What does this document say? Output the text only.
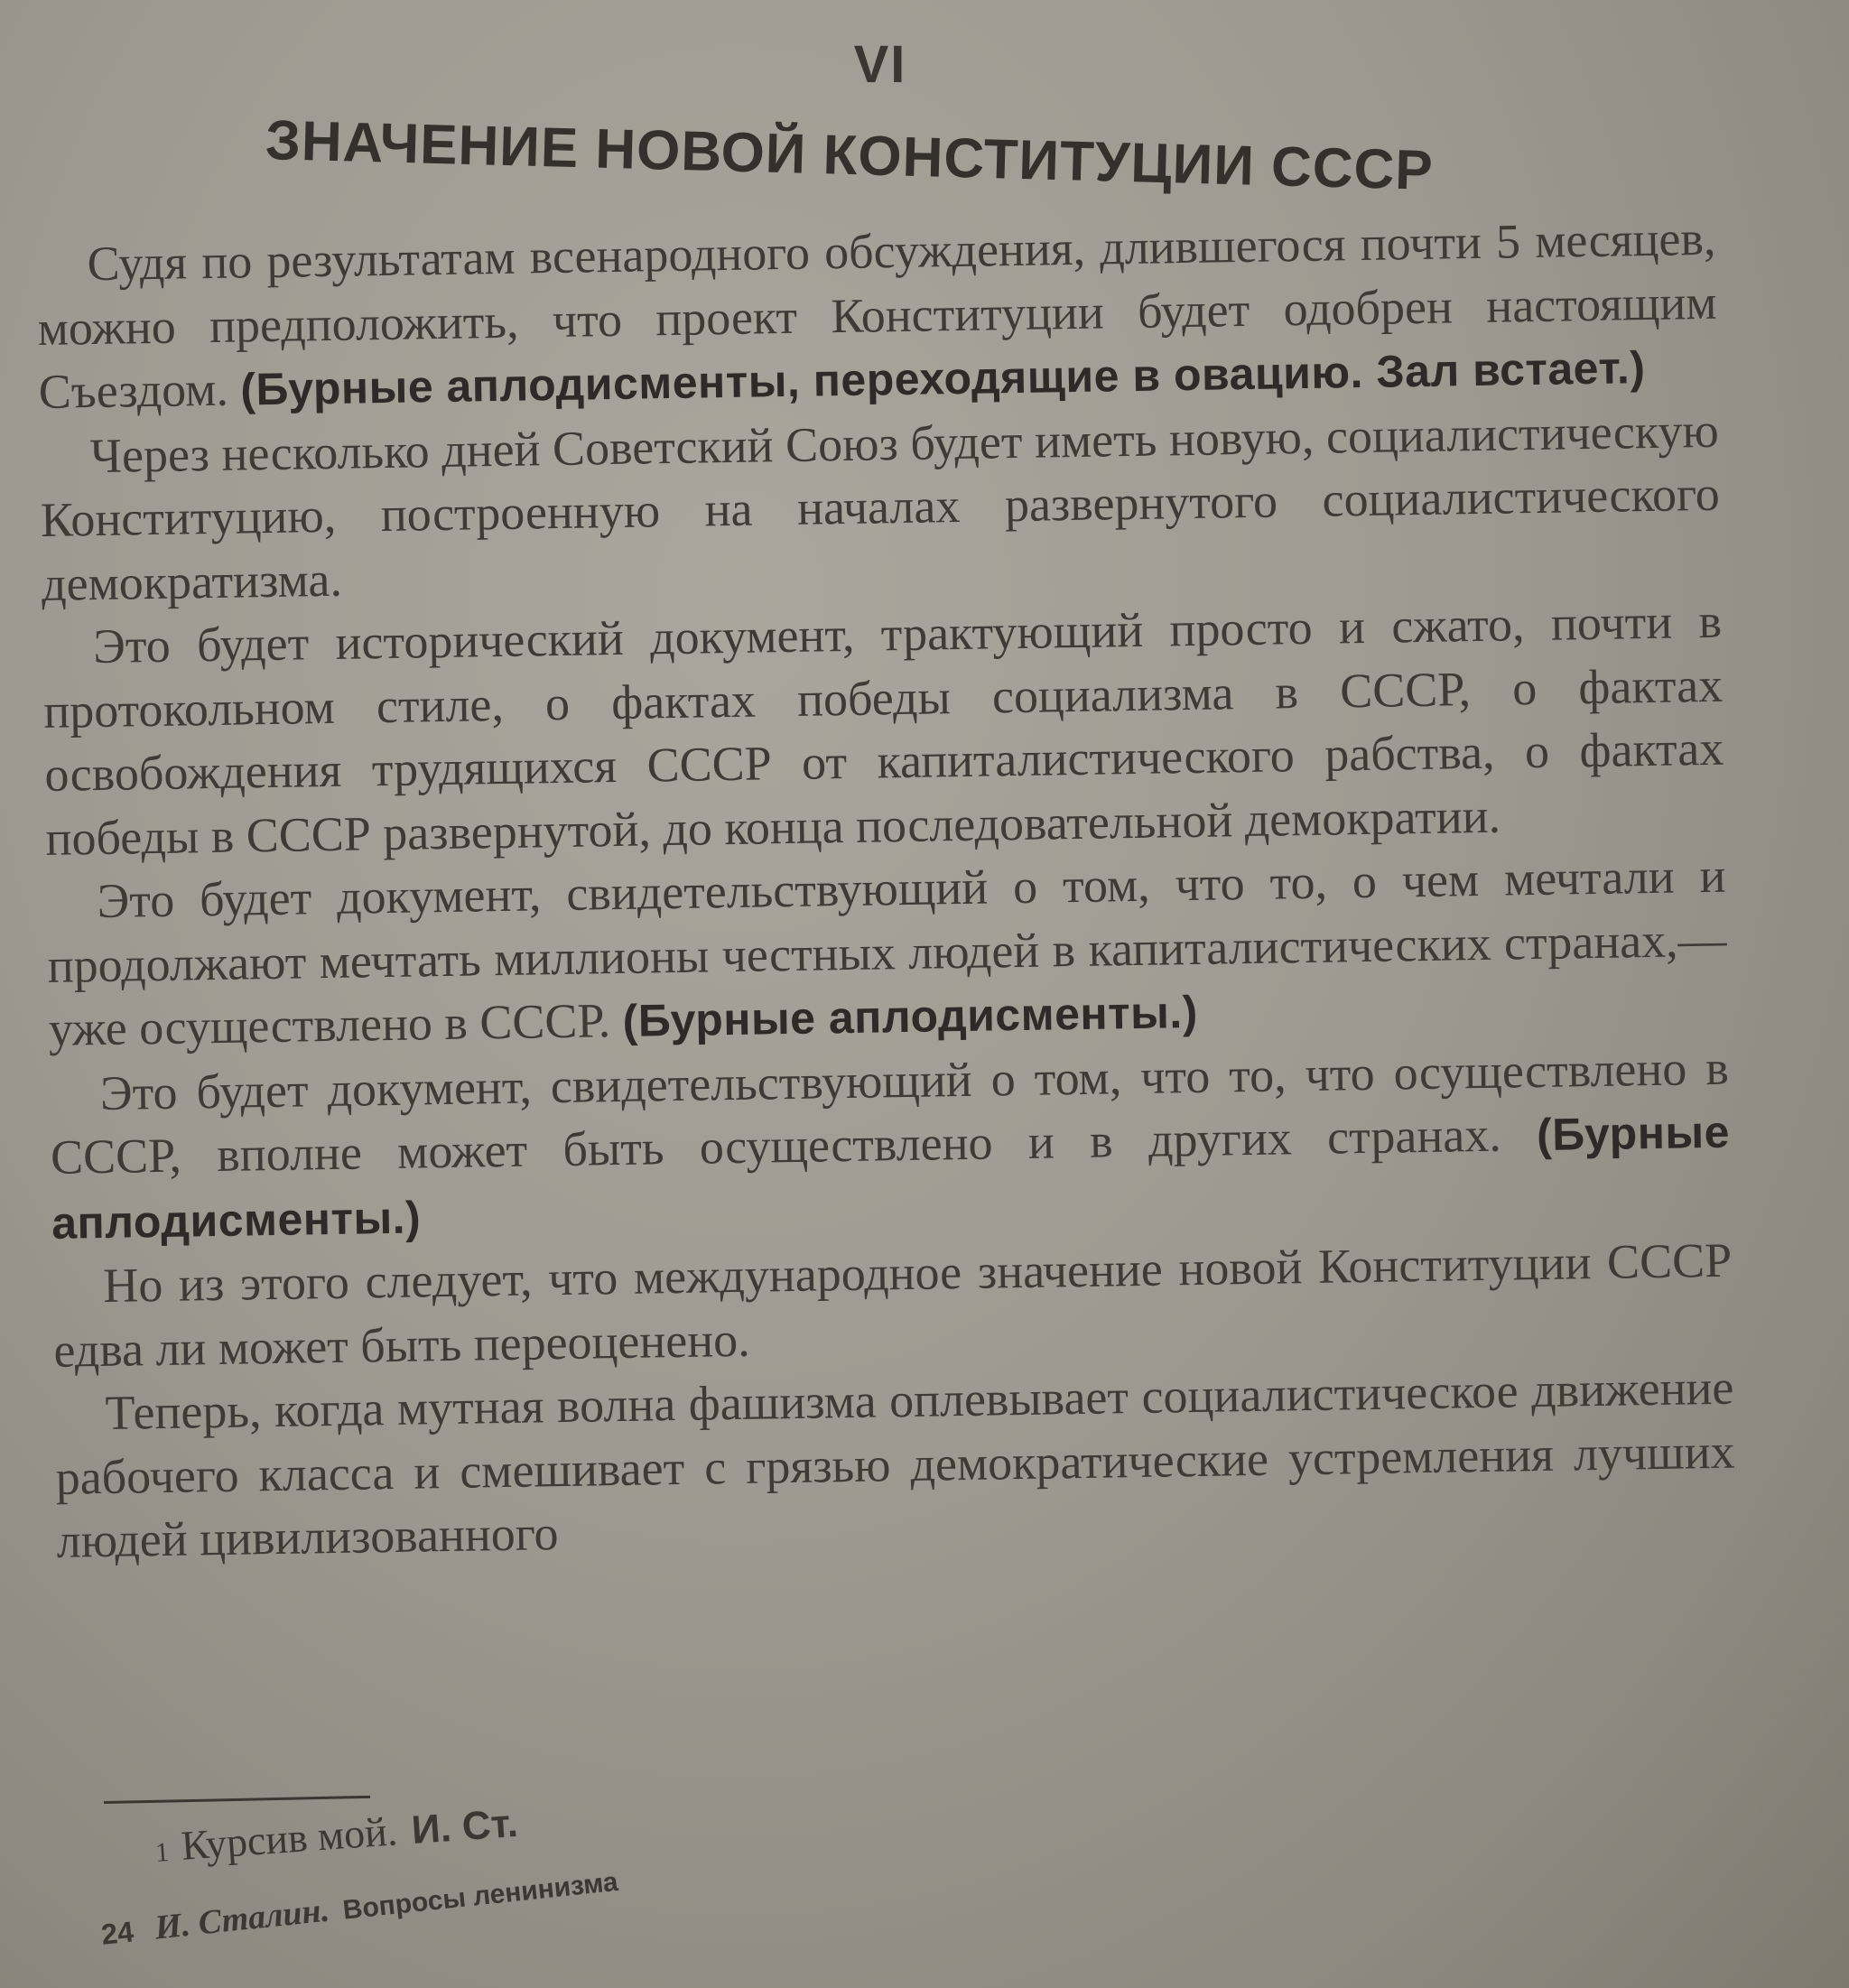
VI
ЗНАЧЕНИЕ НОВОЙ КОНСТИТУЦИИ СССР

Судя по результатам всенародного обсуждения, длившегося почти 5 месяцев, можно предположить, что проект Конституции будет одобрен настоящим Съездом. (Бурные аплодисменты, переходящие в овацию. Зал встает.)

Через несколько дней Советский Союз будет иметь новую, социалистическую Конституцию, построенную на началах развернутого социалистического демократизма.

Это будет исторический документ, трактующий просто и сжато, почти в протокольном стиле, о фактах победы социализма в СССР, о фактах освобождения трудящихся СССР от капиталистического рабства, о фактах победы в СССР развернутой, до конца последовательной демократии.

Это будет документ, свидетельствующий о том, что то, о чем мечтали и продолжают мечтать миллионы честных людей в капиталистических странах,—уже осуществлено в СССР. (Бурные аплодисменты.)

Это будет документ, свидетельствующий о том, что то, что осуществлено в СССР, вполне может быть осуществлено и в других странах. (Бурные аплодисменты.)

Но из этого следует, что международное значение новой Конституции СССР едва ли может быть переоценено.

Теперь, когда мутная волна фашизма оплевывает социалистическое движение рабочего класса и смешивает с грязью демократические устремления лучших людей цивилизованного

1 Курсив мой. И. Ст.
24 И. Сталин. Вопросы ленинизма
